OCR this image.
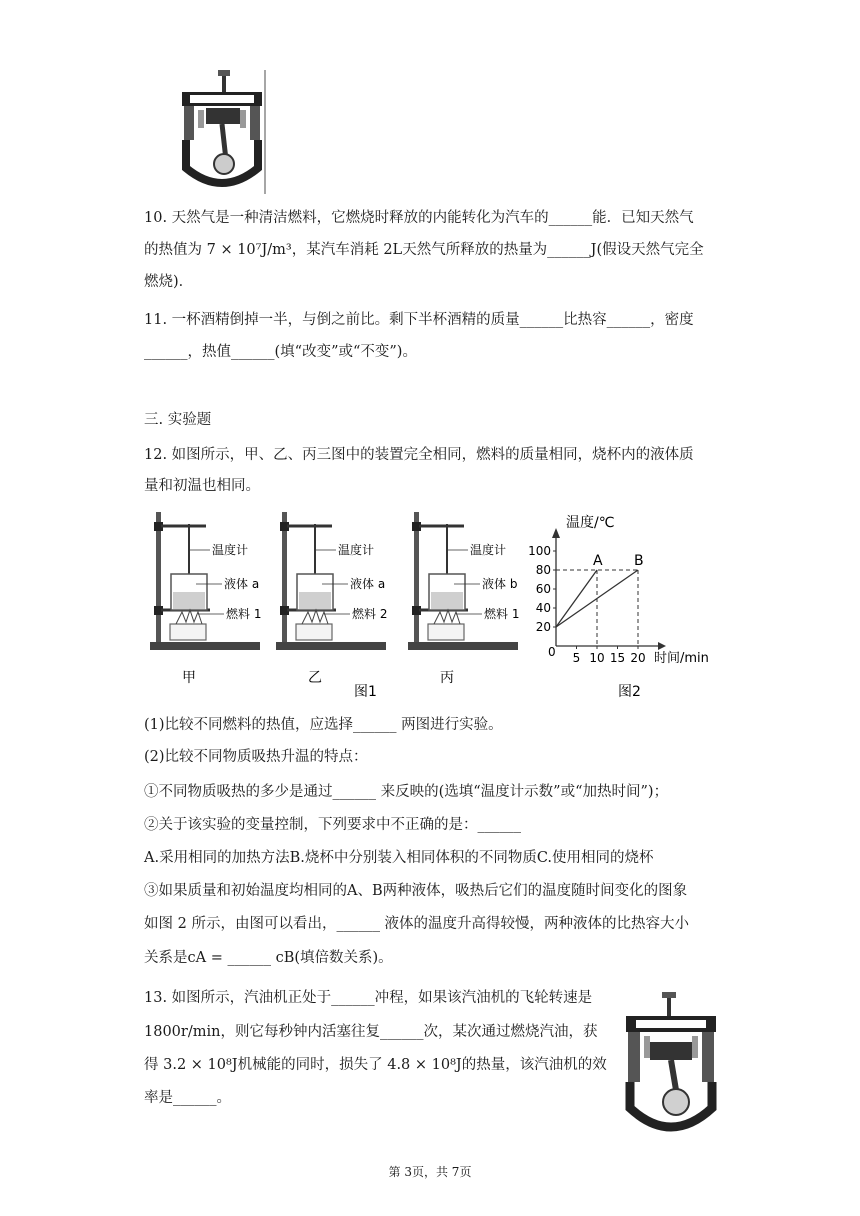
10. 天然气是一种清洁燃料，它燃烧时释放的内能转化为汽车的______能．已知天然气
的热值为 7 × 10⁷J/m³，某汽车消耗 2L天然气所释放的热量为______J(假设天然气完全
燃烧)．
11. 一杯酒精倒掉一半，与倒之前比。剩下半杯酒精的质量______比热容______，密度
______，热值______(填“改变”或“不变”)。
三. 实验题
12. 如图所示，甲、乙、丙三图中的装置完全相同，燃料的质量相同，烧杯内的液体质
量和初温也相同。
温度计
液体 a
燃料 1
甲
温度计
液体 a
燃料 2
乙
温度计
液体 b
燃料 1
丙
图1
20
40
60
80
100
5 10 15 20
A B
温度/℃
时间/min
0
图2
(1)比较不同燃料的热值，应选择______ 两图进行实验。
(2)比较不同物质吸热升温的特点：
①不同物质吸热的多少是通过______ 来反映的(选填“温度计示数”或“加热时间”)；
②关于该实验的变量控制，下列要求中不正确的是：______
A.采用相同的加热方法B.烧杯中分别装入相同体积的不同物质C.使用相同的烧杯
③如果质量和初始温度均相同的A、B两种液体，吸热后它们的温度随时间变化的图象
如图 2 所示，由图可以看出，______ 液体的温度升高得较慢，两种液体的比热容大小
关系是cA = ______ cB(填倍数关系)。
13. 如图所示，汽油机正处于______冲程，如果该汽油机的飞轮转速是
1800r/min，则它每秒钟内活塞往复______次，某次通过燃烧汽油，获
得 3.2 × 10⁸J机械能的同时，损失了 4.8 × 10⁸J的热量，该汽油机的效
率是______。
第 3页，共 7页
